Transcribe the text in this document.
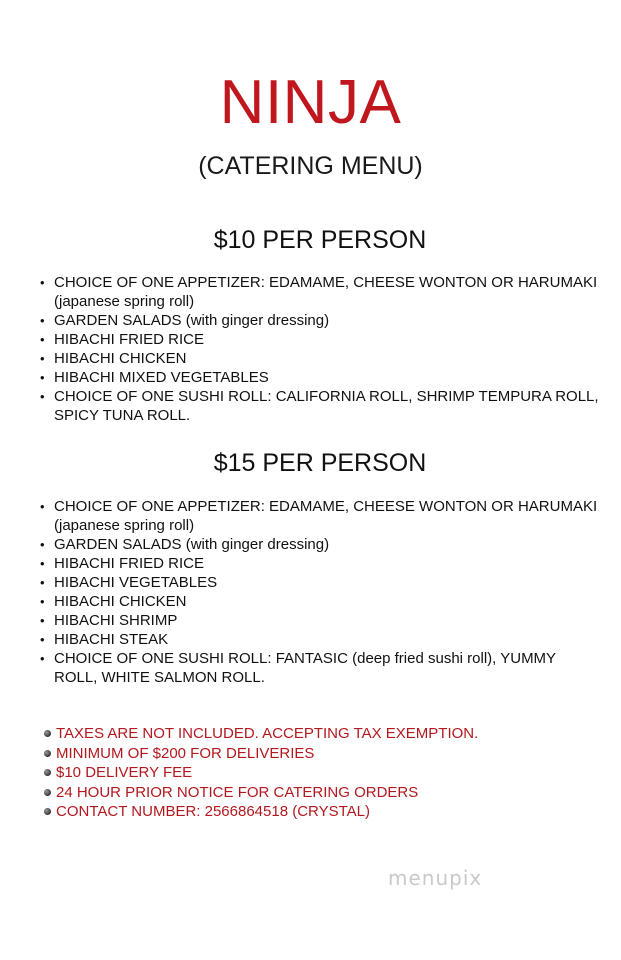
NINJA
(CATERING MENU)
$10 PER PERSON
• CHOICE OF ONE APPETIZER: EDAMAME, CHEESE WONTON OR HARUMAKI (japanese spring roll)
• GARDEN SALADS (with ginger dressing)
• HIBACHI FRIED RICE
• HIBACHI CHICKEN
• HIBACHI MIXED VEGETABLES
• CHOICE OF ONE SUSHI ROLL: CALIFORNIA ROLL, SHRIMP TEMPURA ROLL, SPICY TUNA ROLL.
$15 PER PERSON
• CHOICE OF ONE APPETIZER: EDAMAME, CHEESE WONTON OR HARUMAKI (japanese spring roll)
• GARDEN SALADS (with ginger dressing)
• HIBACHI FRIED RICE
• HIBACHI VEGETABLES
• HIBACHI CHICKEN
• HIBACHI SHRIMP
• HIBACHI STEAK
• CHOICE OF ONE SUSHI ROLL: FANTASIC (deep fried sushi roll), YUMMY ROLL, WHITE SALMON ROLL.
TAXES ARE NOT INCLUDED. ACCEPTING TAX EXEMPTION.
MINIMUM OF $200 FOR DELIVERIES
$10 DELIVERY FEE
24 HOUR PRIOR NOTICE FOR CATERING ORDERS
CONTACT NUMBER: 2566864518 (CRYSTAL)
menupix
